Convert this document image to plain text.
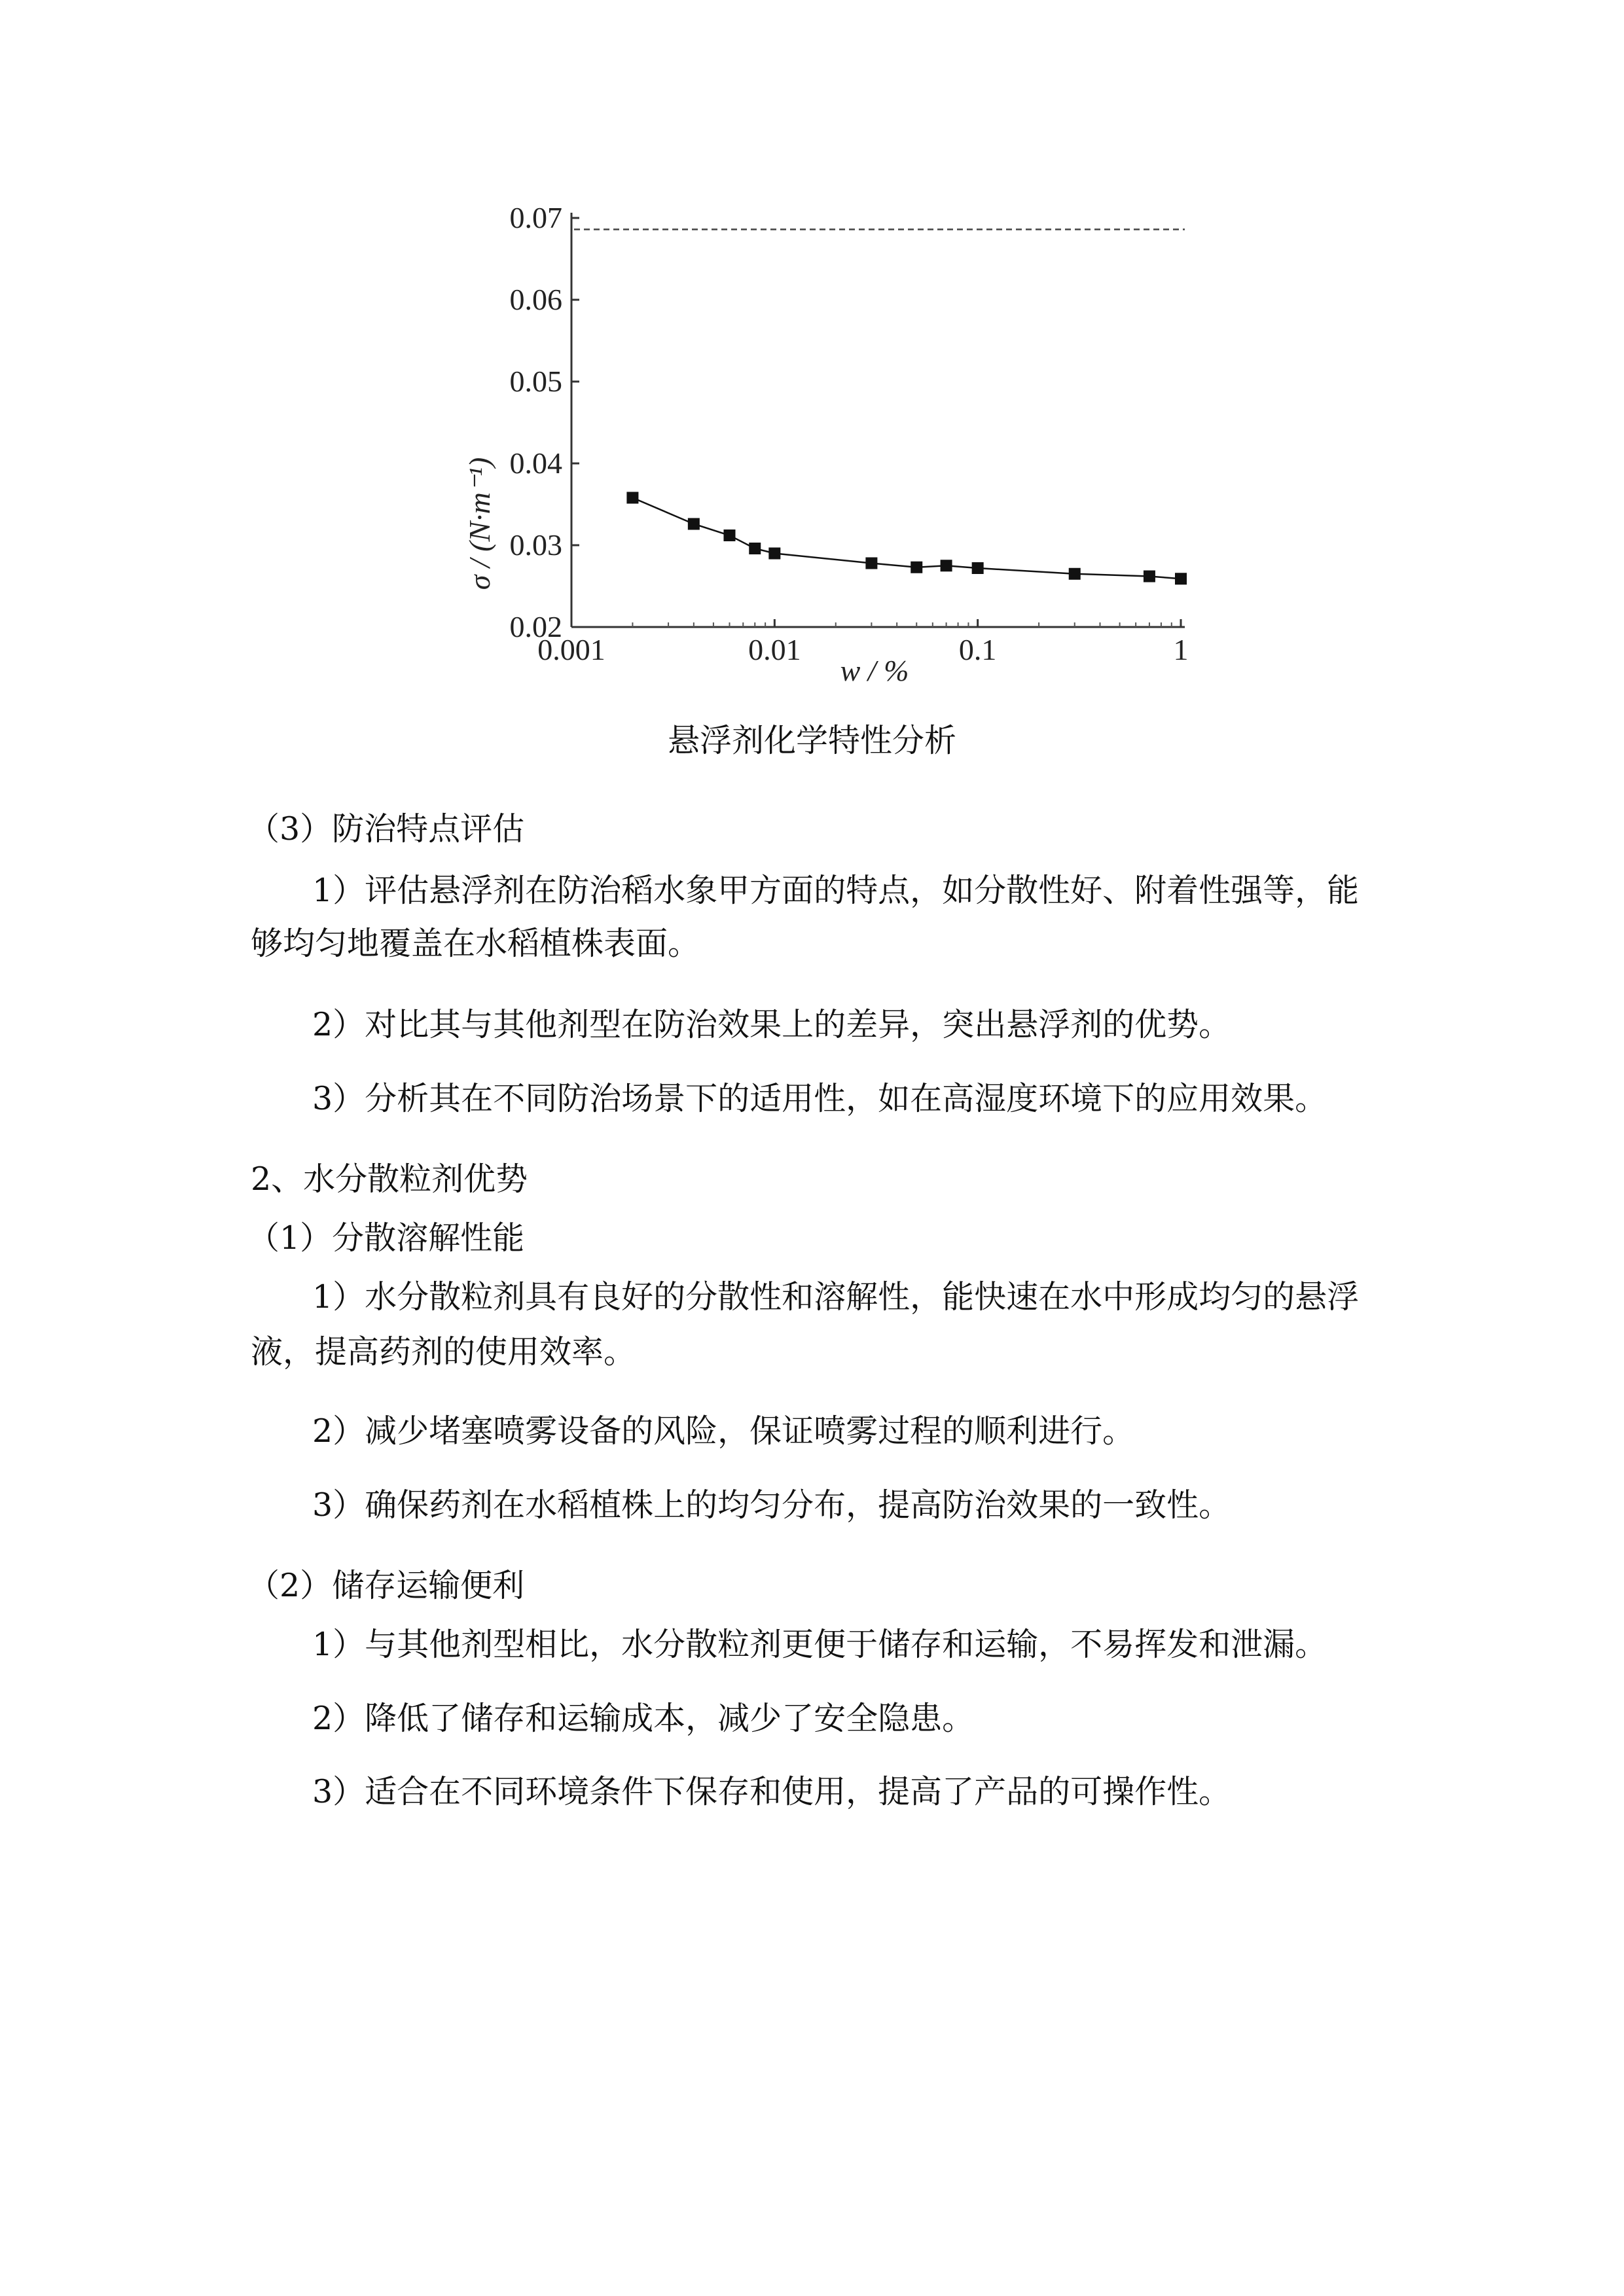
0.02
0.03
0.04
0.05
0.06
0.07
0.001	0.01	0.1	1
σ / (N·m⁻¹)
w / %
悬浮剂化学特性分析
（3）防治特点评估
1）评估悬浮剂在防治稻水象甲方面的特点，如分散性好、附着性强等，能
够均匀地覆盖在水稻植株表面。
2）对比其与其他剂型在防治效果上的差异，突出悬浮剂的优势。
3）分析其在不同防治场景下的适用性，如在高湿度环境下的应用效果。
2、水分散粒剂优势
（1）分散溶解性能
1）水分散粒剂具有良好的分散性和溶解性，能快速在水中形成均匀的悬浮
液，提高药剂的使用效率。
2）减少堵塞喷雾设备的风险，保证喷雾过程的顺利进行。
3）确保药剂在水稻植株上的均匀分布，提高防治效果的一致性。
（2）储存运输便利
1）与其他剂型相比，水分散粒剂更便于储存和运输，不易挥发和泄漏。
2）降低了储存和运输成本，减少了安全隐患。
3）适合在不同环境条件下保存和使用，提高了产品的可操作性。
